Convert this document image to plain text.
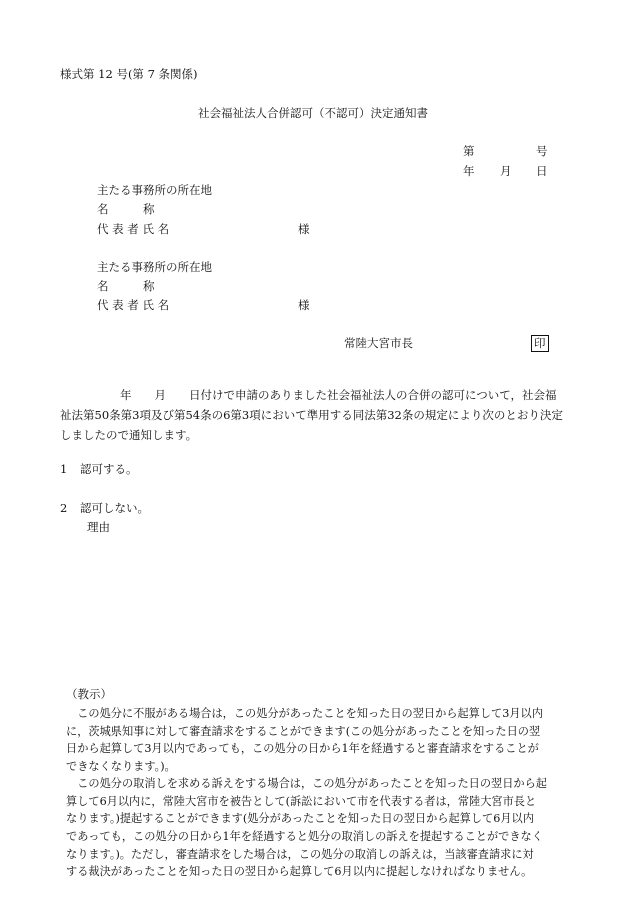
様式第 12 号(第 7 条関係)
社会福祉法人合併認可（不認可）決定通知書
第	号
年 月 日
主たる事務所の所在地
名　　　称
代 表 者 氏 名	様
主たる事務所の所在地
名　　　称
代 表 者 氏 名	様
常陸大宮市長	印
年　　月　　日付けで申請のありました社会福祉法人の合併の認可について，社会福
祉法第50条第3項及び第54条の6第3項において準用する同法第32条の規定により次のとおり決定
しましたので通知します。
1 認可する。
2 認可しない。
理由
（教示）
　この処分に不服がある場合は，この処分があったことを知った日の翌日から起算して3月以内
に，茨城県知事に対して審査請求をすることができます(この処分があったことを知った日の翌
日から起算して3月以内であっても，この処分の日から1年を経過すると審査請求をすることが
できなくなります。)。
　この処分の取消しを求める訴えをする場合は，この処分があったことを知った日の翌日から起
算して6月以内に，常陸大宮市を被告として(訴訟において市を代表する者は，常陸大宮市長と
なります。)提起することができます(処分があったことを知った日の翌日から起算して6月以内
であっても，この処分の日から1年を経過すると処分の取消しの訴えを提起することができなく
なります。)。ただし，審査請求をした場合は，この処分の取消しの訴えは，当該審査請求に対
する裁決があったことを知った日の翌日から起算して6月以内に提起しなければなりません。
